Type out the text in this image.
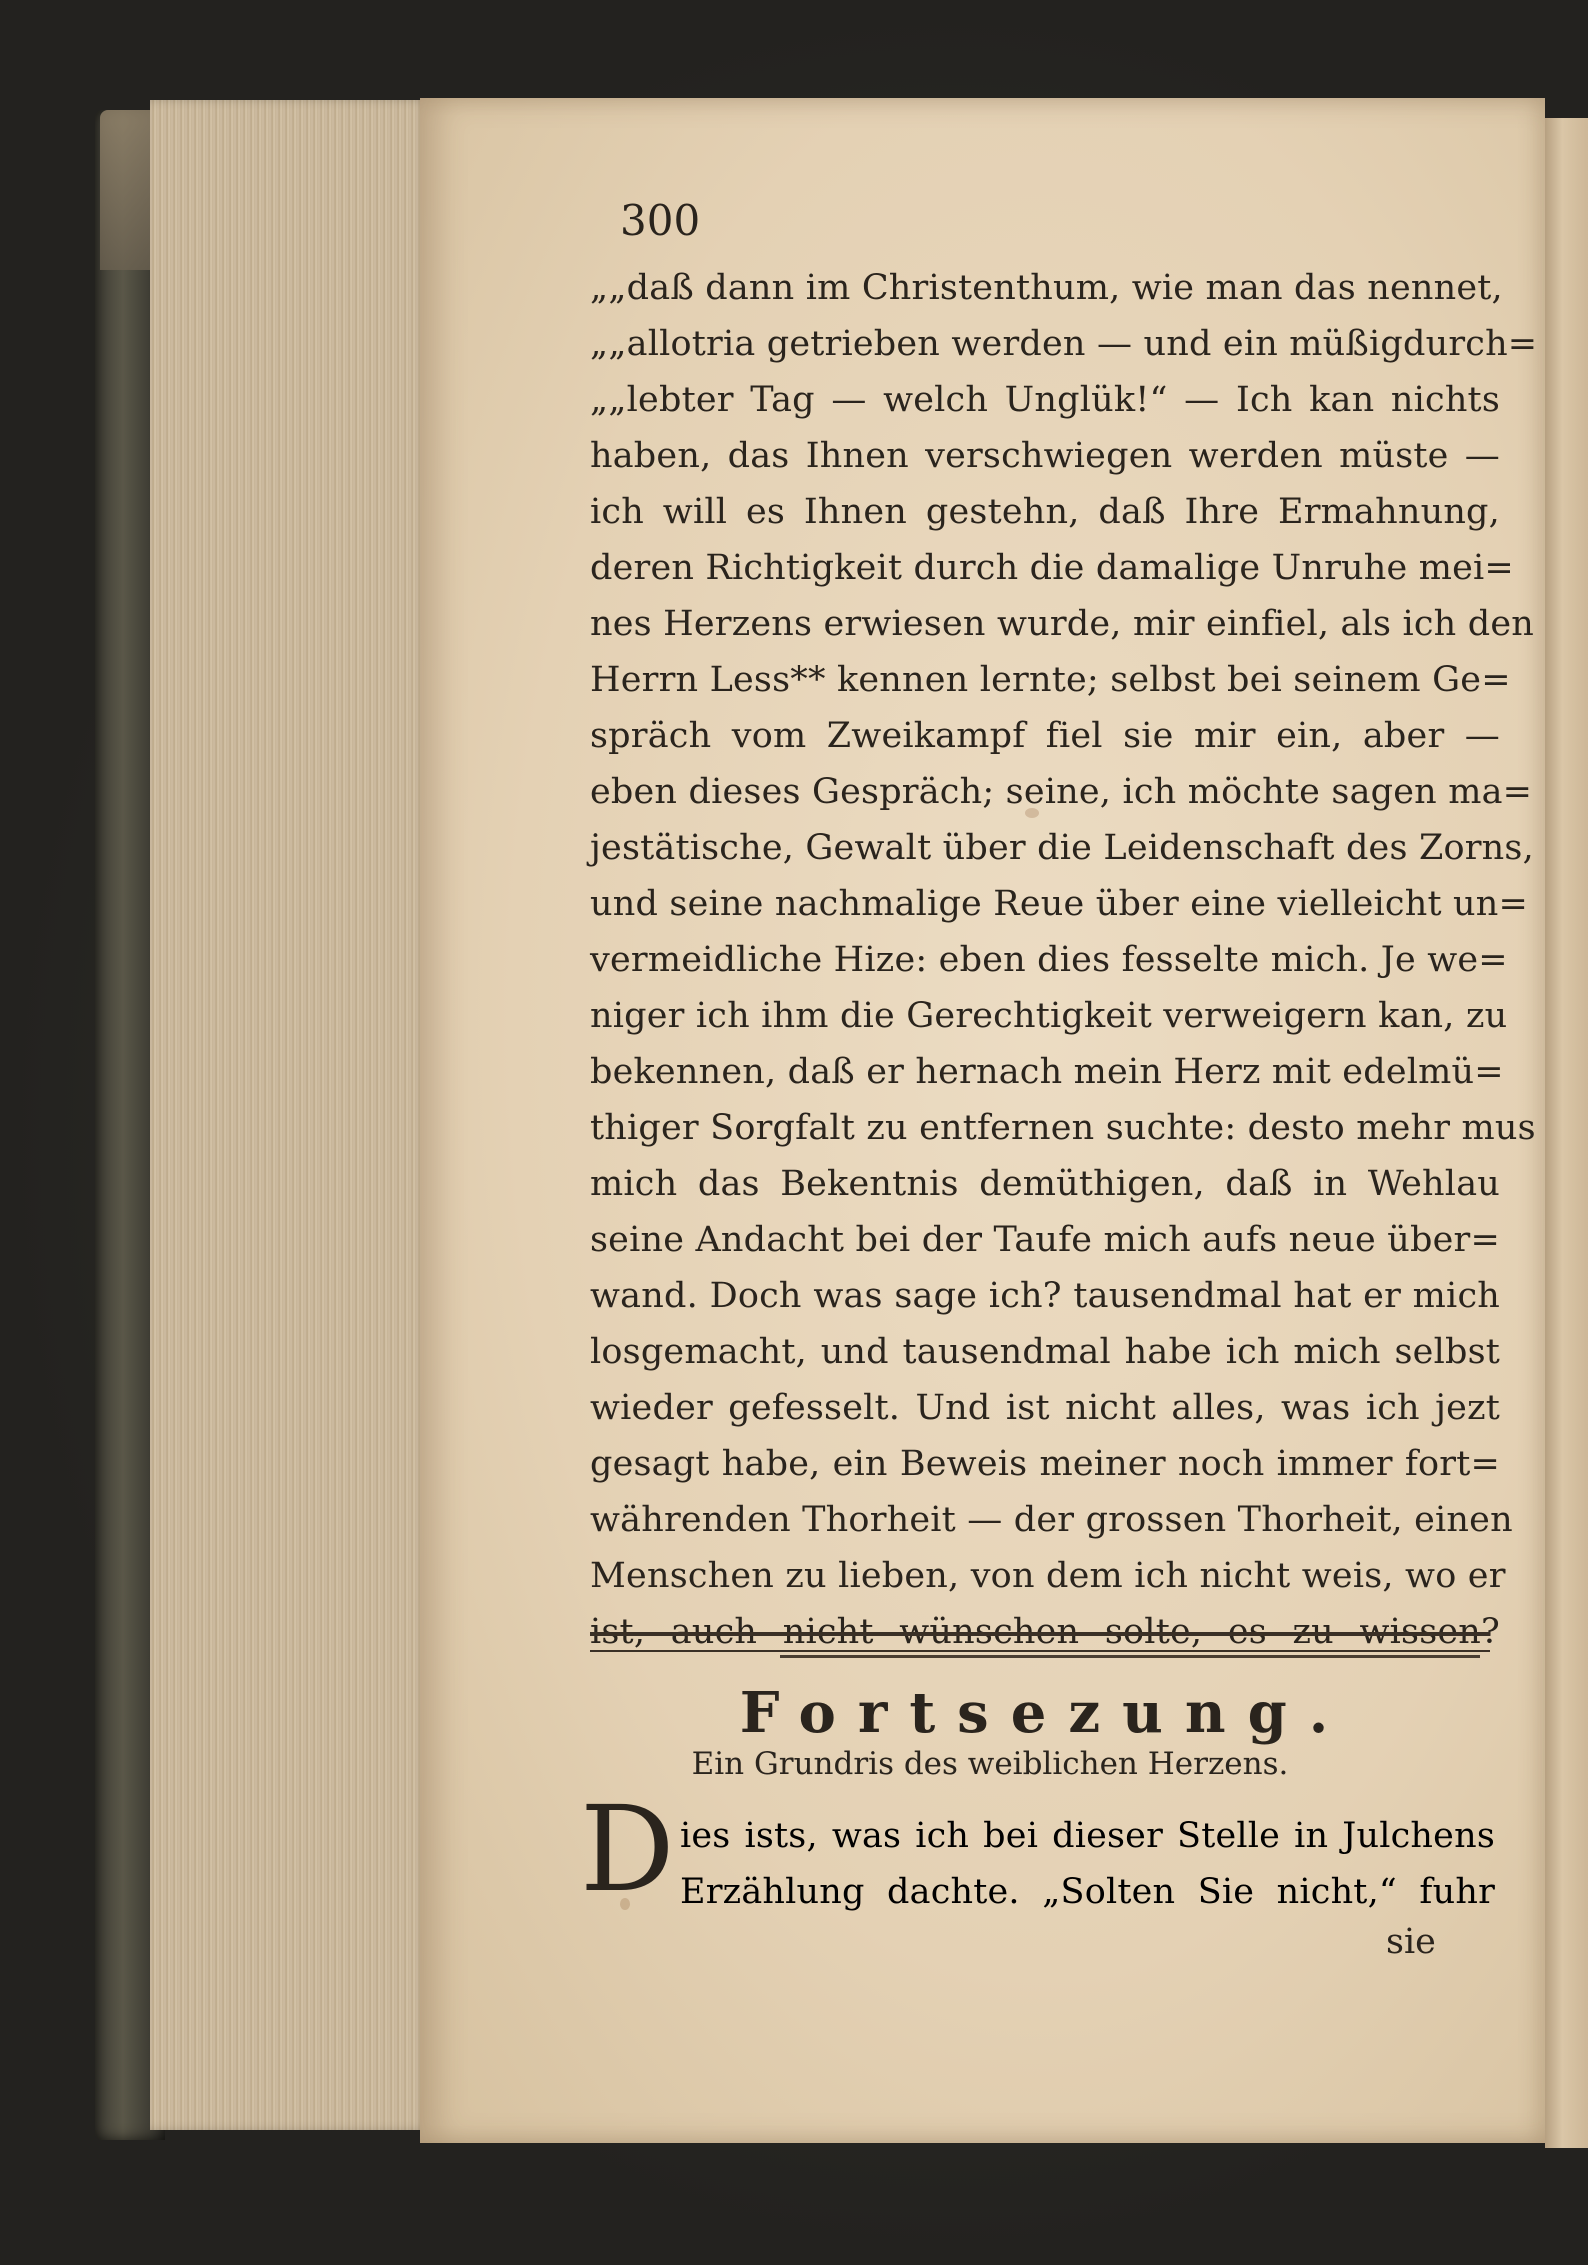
300
„„daß dann im Christenthum, wie man das nennet,
„„allotria getrieben werden — und ein müßigdurch=
„„lebter Tag — welch Unglük!“ — Ich kan nichts
haben, das Ihnen verschwiegen werden müste —
ich will es Ihnen gestehn, daß Ihre Ermahnung,
deren Richtigkeit durch die damalige Unruhe mei=
nes Herzens erwiesen wurde, mir einfiel, als ich den
Herrn Less** kennen lernte; selbst bei seinem Ge=
spräch vom Zweikampf fiel sie mir ein, aber —
eben dieses Gespräch; seine, ich möchte sagen ma=
jestätische, Gewalt über die Leidenschaft des Zorns,
und seine nachmalige Reue über eine vielleicht un=
vermeidliche Hize: eben dies fesselte mich. Je we=
niger ich ihm die Gerechtigkeit verweigern kan, zu
bekennen, daß er hernach mein Herz mit edelmü=
thiger Sorgfalt zu entfernen suchte: desto mehr mus
mich das Bekentnis demüthigen, daß in Wehlau
seine Andacht bei der Taufe mich aufs neue über=
wand. Doch was sage ich? tausendmal hat er mich
losgemacht, und tausendmal habe ich mich selbst
wieder gefesselt. Und ist nicht alles, was ich jezt
gesagt habe, ein Beweis meiner noch immer fort=
währenden Thorheit — der grossen Thorheit, einen
Menschen zu lieben, von dem ich nicht weis, wo er
ist, auch nicht wünschen solte, es zu wissen?
Fortsezung.
Ein Grundris des weiblichen Herzens.
D ies ists, was ich bei dieser Stelle in Julchens
Erzählung dachte. „Solten Sie nicht,“ fuhr
sie
